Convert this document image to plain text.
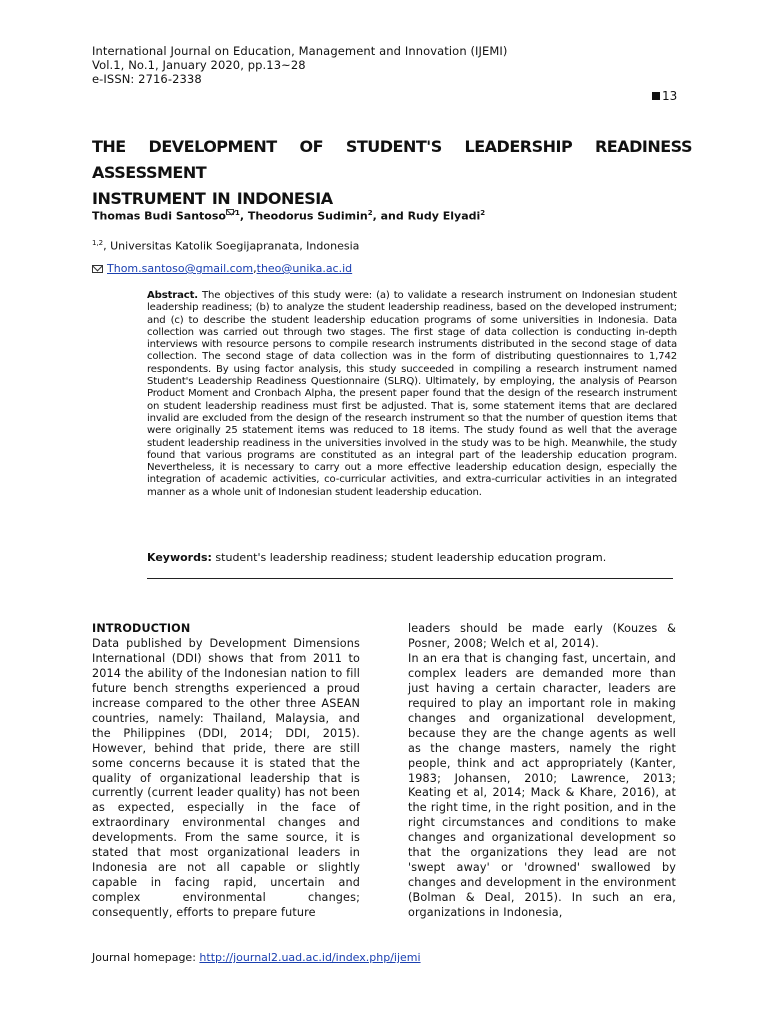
International Journal on Education, Management and Innovation (IJEMI)
Vol.1, No.1, January 2020, pp.13~28
e-ISSN: 2716-2338
13
THE DEVELOPMENT OF STUDENT'S LEADERSHIP READINESS ASSESSMENT
INSTRUMENT IN INDONESIA
Thomas Budi Santoso $^1$, Theodorus Sudimin$^2$, and Rudy Elyadi$^2$
$^{1,2}$, Universitas Katolik Soegijapranata, Indonesia
Thom.santoso@gmail.com , theo@unika.ac.id
Abstract. The objectives of this study were: (a) to validate a research instrument on Indonesian student leadership readiness; (b) to analyze the student leadership readiness, based on the developed instrument; and (c) to describe the student leadership education programs of some universities in Indonesia. Data collection was carried out through two stages. The first stage of data collection is conducting in-depth interviews with resource persons to compile research instruments distributed in the second stage of data collection. The second stage of data collection was in the form of distributing questionnaires to 1,742 respondents. By using factor analysis, this study succeeded in compiling a research instrument named Student's Leadership Readiness Questionnaire (SLRQ). Ultimately, by employing, the analysis of Pearson Product Moment and Cronbach Alpha, the present paper found that the design of the research instrument on student leadership readiness must first be adjusted. That is, some statement items that are declared invalid are excluded from the design of the research instrument so that the number of question items that were originally 25 statement items was reduced to 18 items. The study found as well that the average student leadership readiness in the universities involved in the study was to be high. Meanwhile, the study found that various programs are constituted as an integral part of the leadership education program. Nevertheless, it is necessary to carry out a more effective leadership education design, especially the integration of academic activities, co-curricular activities, and extra-curricular activities in an integrated manner as a whole unit of Indonesian student leadership education.
Keywords: student's leadership readiness; student leadership education program.
INTRODUCTION
Data published by Development Dimensions International (DDI) shows that from 2011 to 2014 the ability of the Indonesian nation to fill future bench strengths experienced a proud increase compared to the other three ASEAN countries, namely: Thailand, Malaysia, and the Philippines (DDI, 2014; DDI, 2015). However, behind that pride, there are still some concerns because it is stated that the quality of organizational leadership that is currently (current leader quality) has not been as expected, especially in the face of extraordinary environmental changes and developments. From the same source, it is stated that most organizational leaders in Indonesia are not all capable or slightly capable in facing rapid, uncertain and complex environmental changes; consequently, efforts to prepare future
leaders should be made early (Kouzes & Posner, 2008; Welch et al, 2014).
In an era that is changing fast, uncertain, and complex leaders are demanded more than just having a certain character, leaders are required to play an important role in making changes and organizational development, because they are the change agents as well as the change masters, namely the right people, think and act appropriately (Kanter, 1983; Johansen, 2010; Lawrence, 2013; Keating et al, 2014; Mack & Khare, 2016), at the right time, in the right position, and in the right circumstances and conditions to make changes and organizational development so that the organizations they lead are not 'swept away' or 'drowned' swallowed by changes and development in the environment (Bolman & Deal, 2015). In such an era, organizations in Indonesia,
Journal homepage: http://journal2.uad.ac.id/index.php/ijemi
